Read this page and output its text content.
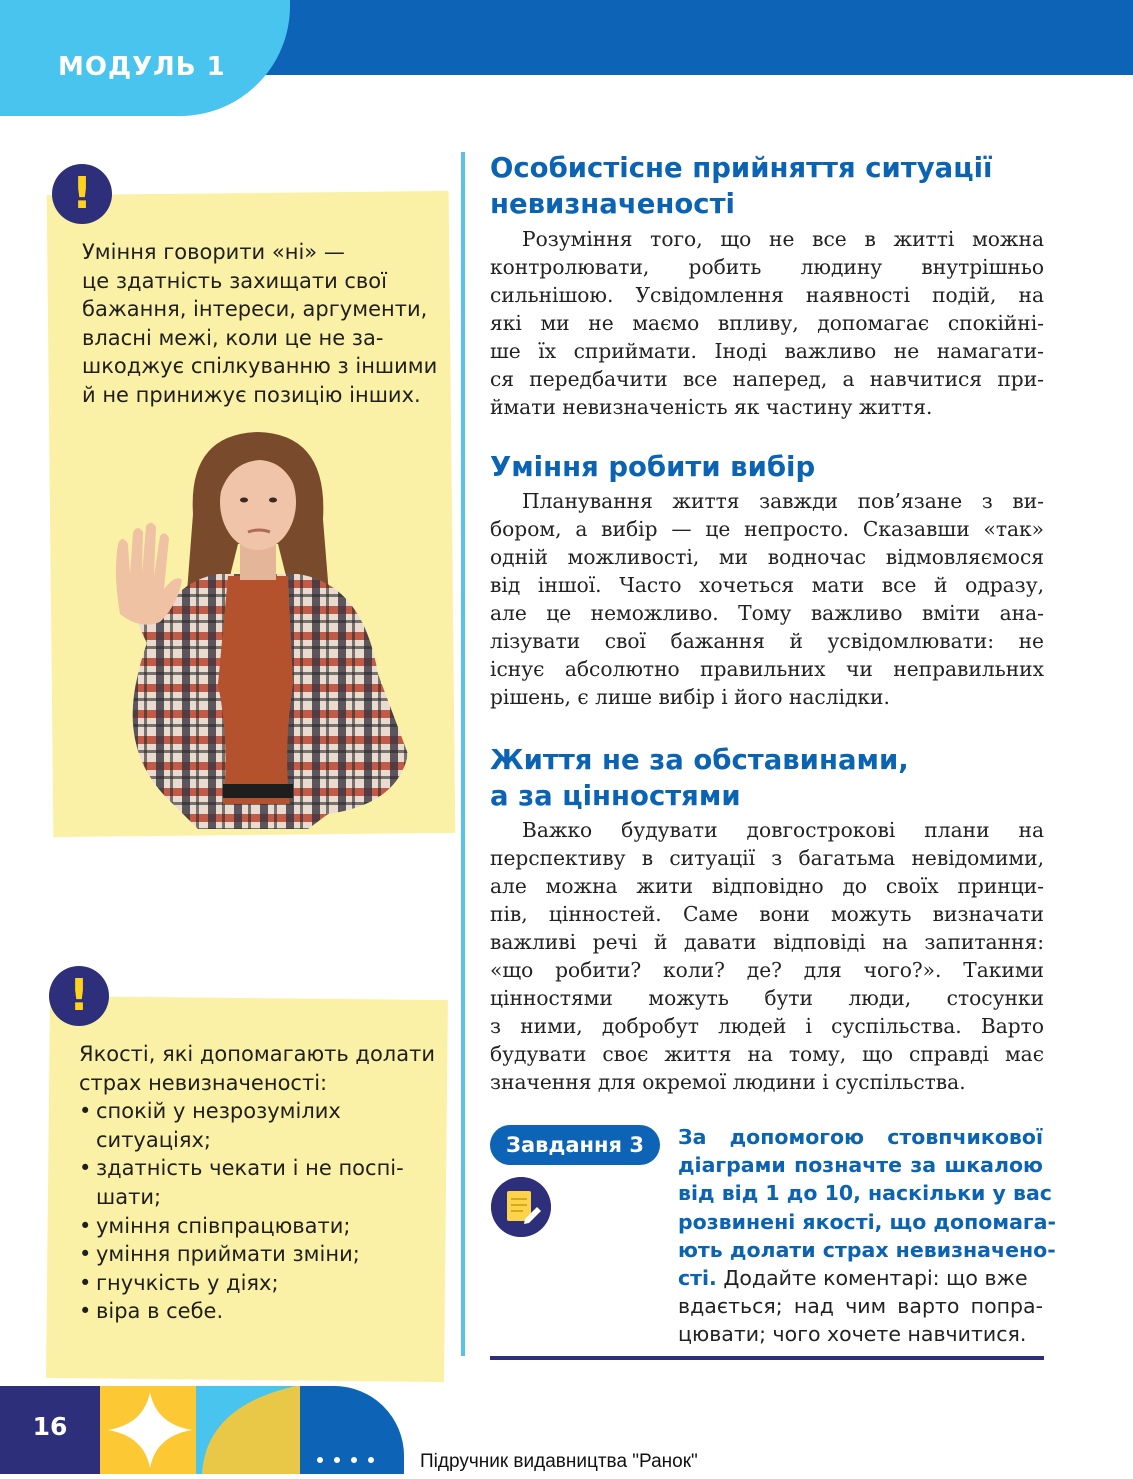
МОДУЛЬ 1
!
Уміння говорити «ні» —
це здатність захищати свої
бажання, інтереси, аргументи,
власні межі, коли це не за-
шкоджує спілкуванню з іншими
й не принижує позицію інших.
!
Якості, які допомагають долати
страх невизначеності:
• спокій у незрозумілих
ситуаціях;
• здатність чекати і не поспі-
шати;
• уміння співпрацювати;
• уміння приймати зміни;
• гнучкість у діях;
• віра в себе.
Особистісне прийняття ситуації
невизначеності

Розуміння того, що не все в житті можна
контролювати, робить людину внутрішньо
сильнішою. Усвідомлення наявності подій, на
які ми не маємо впливу, допомагає спокійні-
ше їх сприймати. Іноді важливо не намагати-
ся передбачити все наперед, а навчитися при-
ймати невизначеність як частину життя.

Уміння робити вибір

Планування життя завжди пов’язане з ви-
бором, а вибір — це непросто. Сказавши «так»
одній можливості, ми водночас відмовляємося
від іншої. Часто хочеться мати все й одразу,
але це неможливо. Тому важливо вміти ана-
лізувати свої бажання й усвідомлювати: не
існує абсолютно правильних чи неправильних
рішень, є лише вибір і його наслідки.

Життя не за обставинами,
а за цінностями

Важко будувати довгострокові плани на
перспективу в ситуації з багатьма невідомими,
але можна жити відповідно до своїх принци-
пів, цінностей. Саме вони можуть визначати
важливі речі й давати відповіді на запитання:
«що робити? коли? де? для чого?». Такими
цінностями можуть бути люди, стосунки
з ними, добробут людей і суспільства. Варто
будувати своє життя на тому, що справді має
значення для окремої людини і суспільства.

Завдання 3	За допомогою стовпчикової
діаграми позначте за шкалою
від від 1 до 10, наскільки у вас
розвинені якості, що допомага-
ють долати страх невизначено-
сті. Додайте коментарі: що вже
вдається; над чим варто попра-
цювати; чого хочете навчитися.
16
Підручник видавництва "Ранок"
